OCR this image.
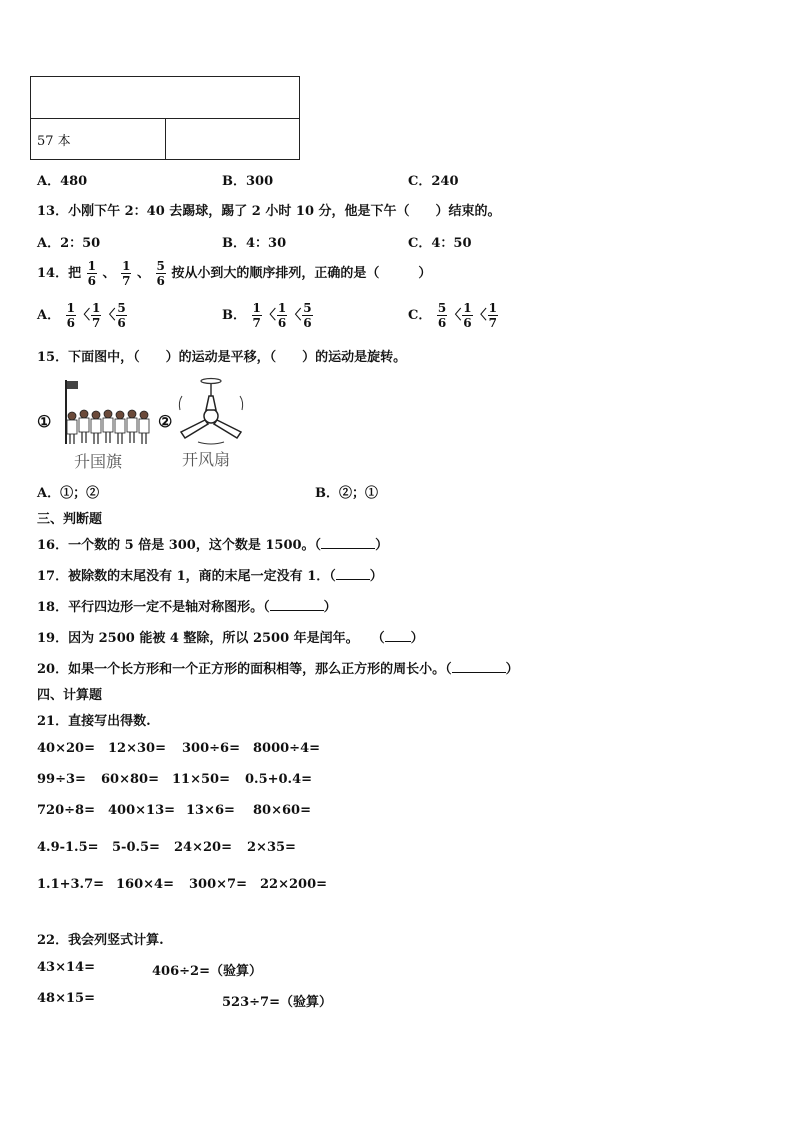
57 本	
A．480	B．300	C．240
13．小刚下午 2：40 去踢球，踢了 2 小时 10 分，他是下午（　　）结束的。
A．2：50	B．4：30	C．4：50
14．把 $\frac{1}{6}$ 、 $\frac{1}{7}$ 、 $\frac{5}{6}$ 按从小到大的顺序排列，正确的是（　　　）
A． $\frac{1}{6}$ 〈 $\frac{1}{7}$ 〈 $\frac{5}{6}$	B． $\frac{1}{7}$ 〈 $\frac{1}{6}$ 〈 $\frac{5}{6}$	C． $\frac{5}{6}$ 〈 $\frac{1}{6}$ 〈 $\frac{1}{7}$
15．下面图中，（　　）的运动是平移，（　　）的运动是旋转。
①
升国旗
②
开风扇
A．①；②	B．②；①
三、判断题
16．一个数的 5 倍是 300，这个数是 1500。（	）
17．被除数的末尾没有 1，商的末尾一定没有 1．（	）
18．平行四边形一定不是轴对称图形。（	）
19．因为 2500 能被 4 整除，所以 2500 年是闰年。　　（ ）
20．如果一个长方形和一个正方形的面积相等，那么正方形的周长小。（	）
四、计算题
21．直接写出得数.
40×20= 12×30= 300÷6= 8000÷4=
99÷3= 60×80= 11×50= 0.5+0.4=
720÷8= 400×13= 13×6= 80×60=
4.9-1.5= 5-0.5= 24×20= 2×35=
1.1+3.7= 160×4= 300×7= 22×200=
22．我会列竖式计算.
43×14=	406÷2=（验算）
48×15=	523÷7=（验算）
